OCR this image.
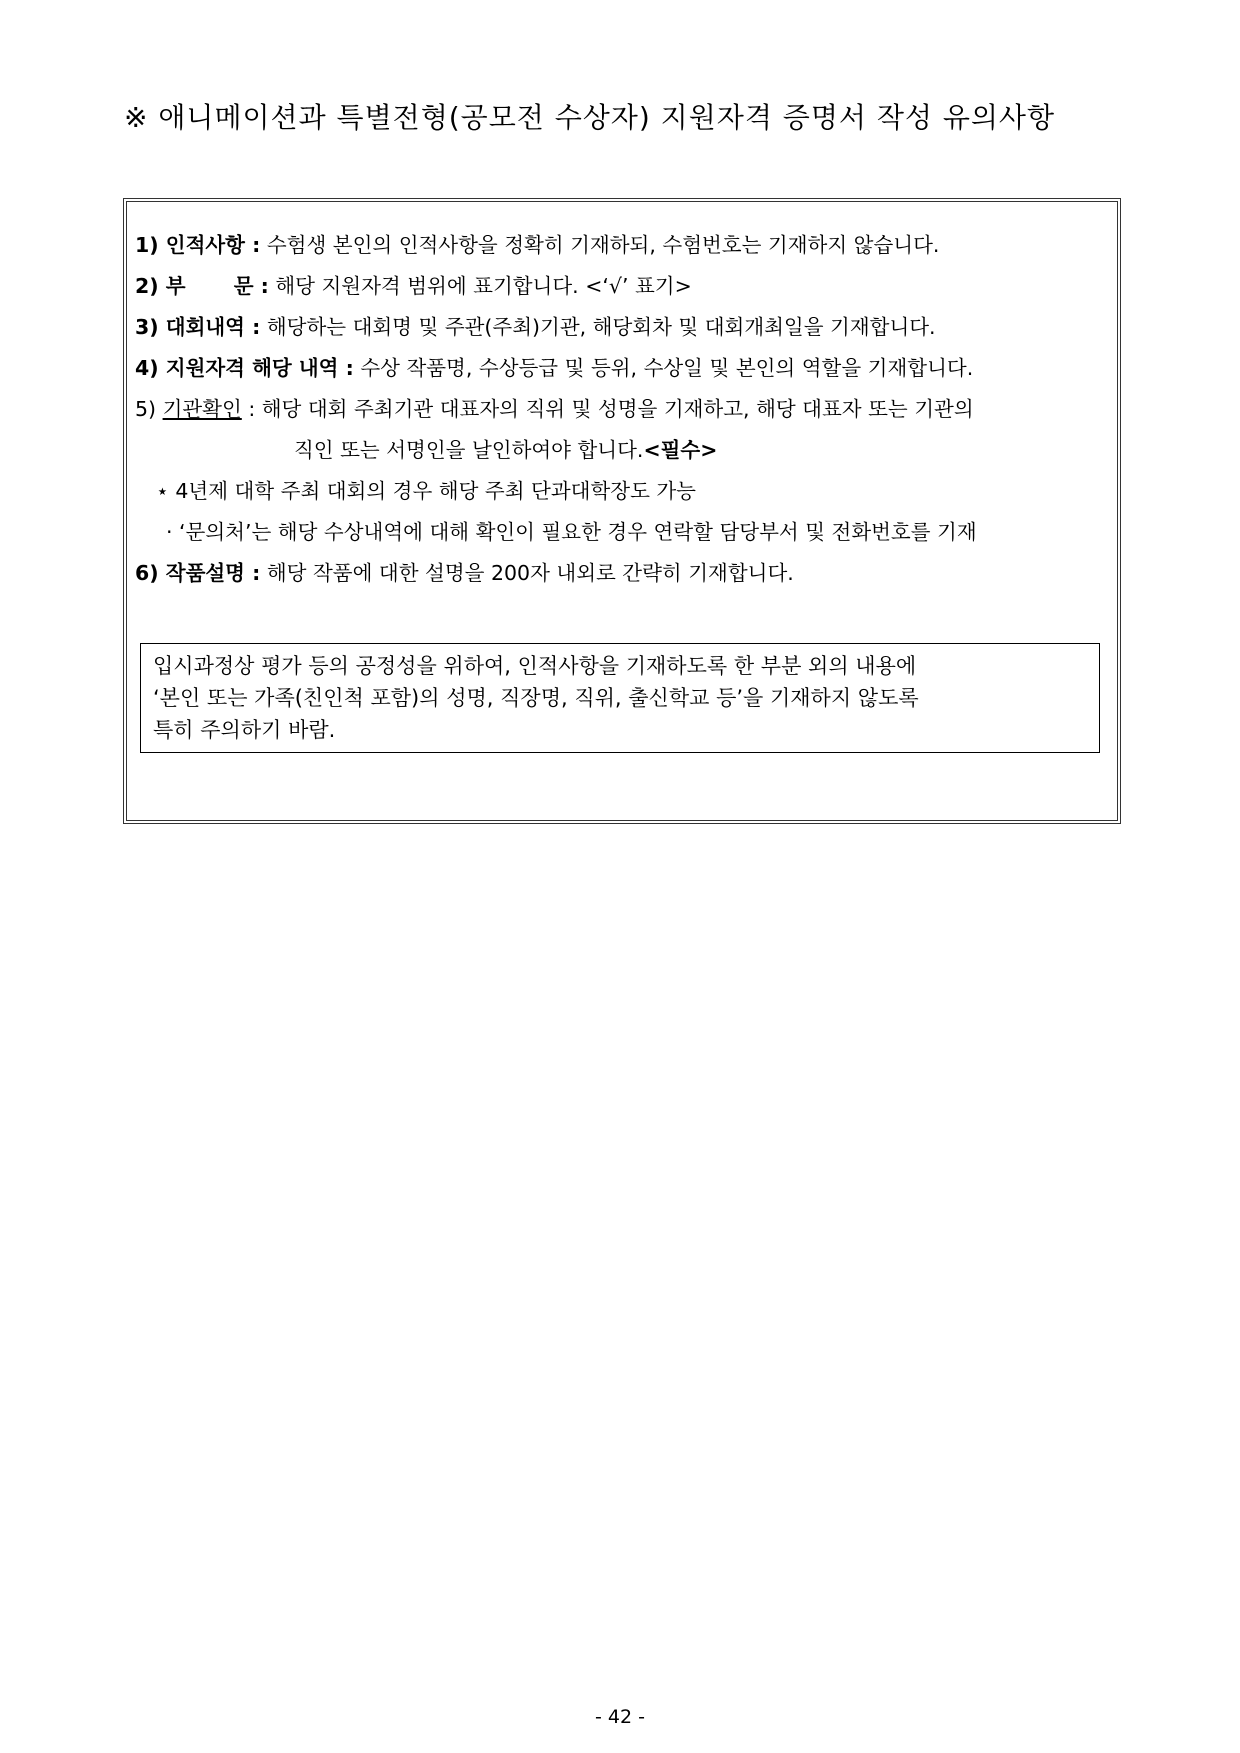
※ 애니메이션과 특별전형(공모전 수상자) 지원자격 증명서 작성 유의사항
1) 인적사항 : 수험생 본인의 인적사항을 정확히 기재하되, 수험번호는 기재하지 않습니다.
2) 부　 　문 : 해당 지원자격 범위에 표기합니다. <‘√’ 표기>
3) 대회내역 : 해당하는 대회명 및 주관(주최)기관, 해당회차 및 대회개최일을 기재합니다.
4) 지원자격 해당 내역 : 수상 작품명, 수상등급 및 등위, 수상일 및 본인의 역할을 기재합니다.
5) 기관확인 : 해당 대회 주최기관 대표자의 직위 및 성명을 기재하고, 해당 대표자 또는 기관의
직인 또는 서명인을 날인하여야 합니다.<필수>
⋆ 4년제 대학 주최 대회의 경우 해당 주최 단과대학장도 가능
· ‘문의처’는 해당 수상내역에 대해 확인이 필요한 경우 연락할 담당부서 및 전화번호를 기재
6) 작품설명 : 해당 작품에 대한 설명을 200자 내외로 간략히 기재합니다.
입시과정상 평가 등의 공정성을 위하여, 인적사항을 기재하도록 한 부분 외의 내용에
‘본인 또는 가족(친인척 포함)의 성명, 직장명, 직위, 출신학교 등’을 기재하지 않도록
특히 주의하기 바람.
- 42 -
